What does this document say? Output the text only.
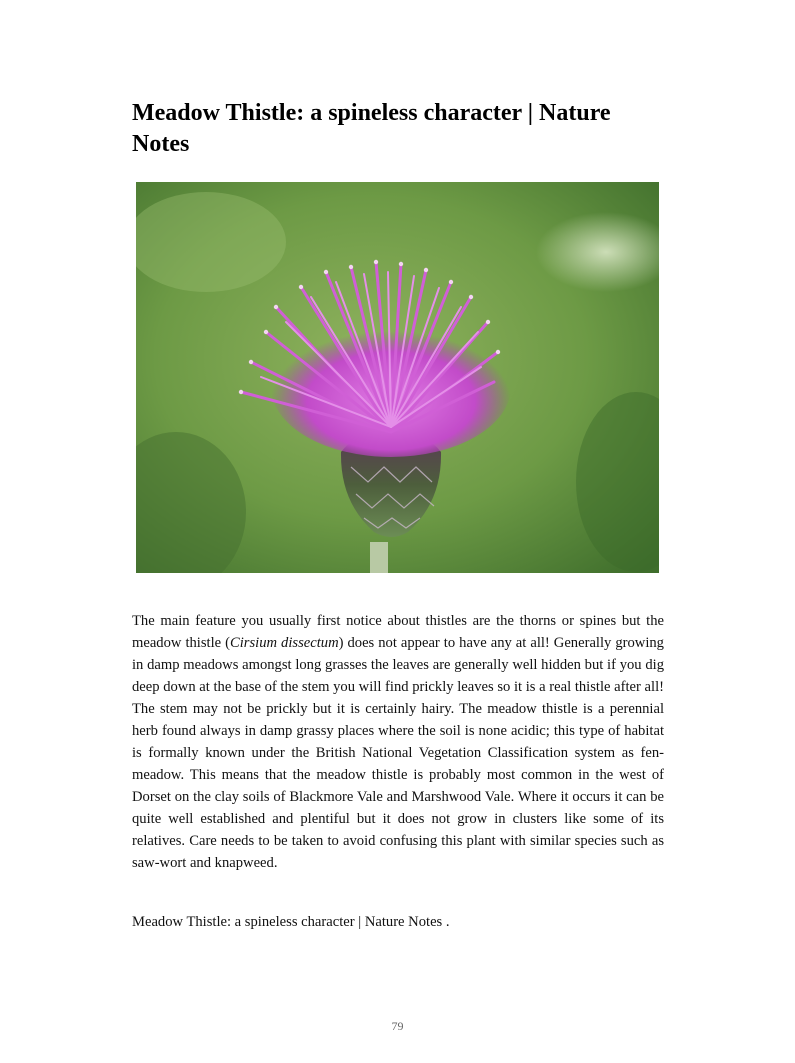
Meadow Thistle: a spineless character | Nature Notes

The main feature you usually first notice about thistles are the thorns or spines but the meadow thistle (Cirsium dissectum) does not appear to have any at all! Generally growing in damp meadows amongst long grasses the leaves are generally well hidden but if you dig deep down at the base of the stem you will find prickly leaves so it is a real thistle after all! The stem may not be prickly but it is certainly hairy. The meadow thistle is a perennial herb found always in damp grassy places where the soil is none acidic; this type of habitat is formally known under the British National Vegetation Classification system as fen-meadow. This means that the meadow thistle is probably most common in the west of Dorset on the clay soils of Blackmore Vale and Marshwood Vale. Where it occurs it can be quite well established and plentiful but it does not grow in clusters like some of its relatives. Care needs to be taken to avoid confusing this plant with similar species such as saw-wort and knapweed.

Meadow Thistle: a spineless character | Nature Notes .

79
